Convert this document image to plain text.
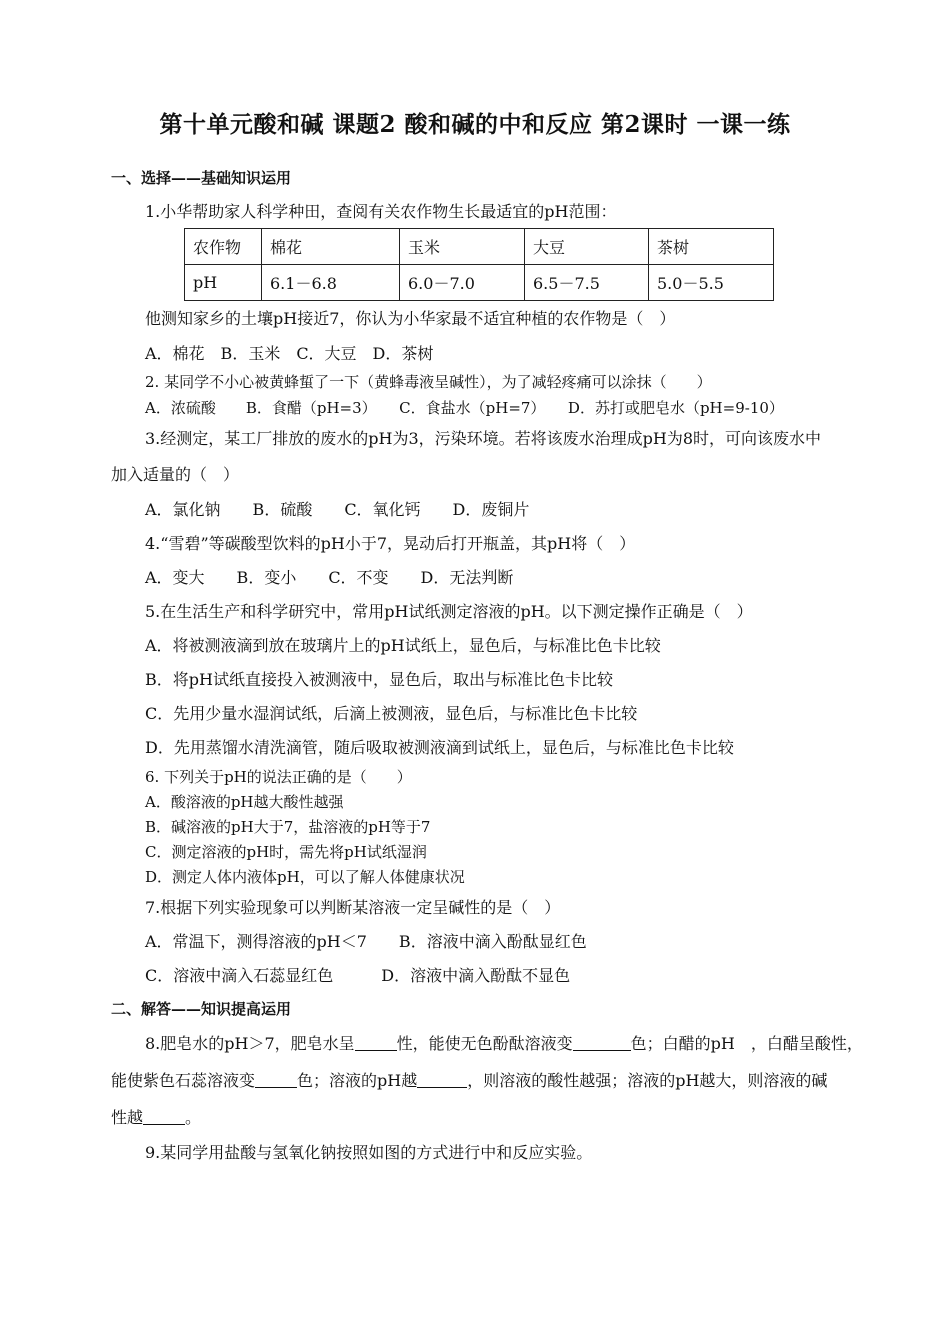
第十单元酸和碱 课题2 酸和碱的中和反应 第2课时 一课一练
一、选择——基础知识运用
1.小华帮助家人科学种田，查阅有关农作物生长最适宜的pH范围：
农作物	棉花	玉米	大豆	茶树
pH	6.1－6.8	6.0－7.0	6.5－7.5	5.0－5.5
他测知家乡的土壤pH接近7，你认为小华家最不适宜种植的农作物是（　）
A．棉花　B．玉米　C．大豆　D．茶树
2. 某同学不小心被黄蜂蜇了一下（黄蜂毒液呈碱性），为了减轻疼痛可以涂抹（　　）
A．浓硫酸　　B．食醋（pH=3）　　C．食盐水（pH=7）　　D．苏打或肥皂水（pH=9-10）
3.经测定，某工厂排放的废水的pH为3，污染环境。若将该废水治理成pH为8时，可向该废水中
加入适量的（　）
A．氯化钠　　B．硫酸　　C．氧化钙　　D．废铜片
4.“雪碧”等碳酸型饮料的pH小于7，晃动后打开瓶盖，其pH将（　）
A．变大　　B．变小　　C．不变　　D．无法判断
5.在生活生产和科学研究中，常用pH试纸测定溶液的pH。以下测定操作正确是（　）
A．将被测液滴到放在玻璃片上的pH试纸上，显色后，与标准比色卡比较
B．将pH试纸直接投入被测液中，显色后，取出与标准比色卡比较
C．先用少量水湿润试纸，后滴上被测液，显色后，与标准比色卡比较
D．先用蒸馏水清洗滴管，随后吸取被测液滴到试纸上，显色后，与标准比色卡比较
6. 下列关于pH的说法正确的是（　　）
A．酸溶液的pH越大酸性越强
B．碱溶液的pH大于7，盐溶液的pH等于7
C．测定溶液的pH时，需先将pH试纸湿润
D．测定人体内液体pH，可以了解人体健康状况
7.根据下列实验现象可以判断某溶液一定呈碱性的是（　）
A．常温下，测得溶液的pH＜7　　B．溶液中滴入酚酞显红色
C．溶液中滴入石蕊显红色　　　D．溶液中滴入酚酞不显色
二、解答——知识提高运用
8.肥皂水的pH＞7，肥皂水呈	性，能使无色酚酞溶液变	色；白醋的pH　，白醋呈酸性，
能使紫色石蕊溶液变	色；溶液的pH越	，则溶液的酸性越强；溶液的pH越大，则溶液的碱
性越	。
9.某同学用盐酸与氢氧化钠按照如图的方式进行中和反应实验。
